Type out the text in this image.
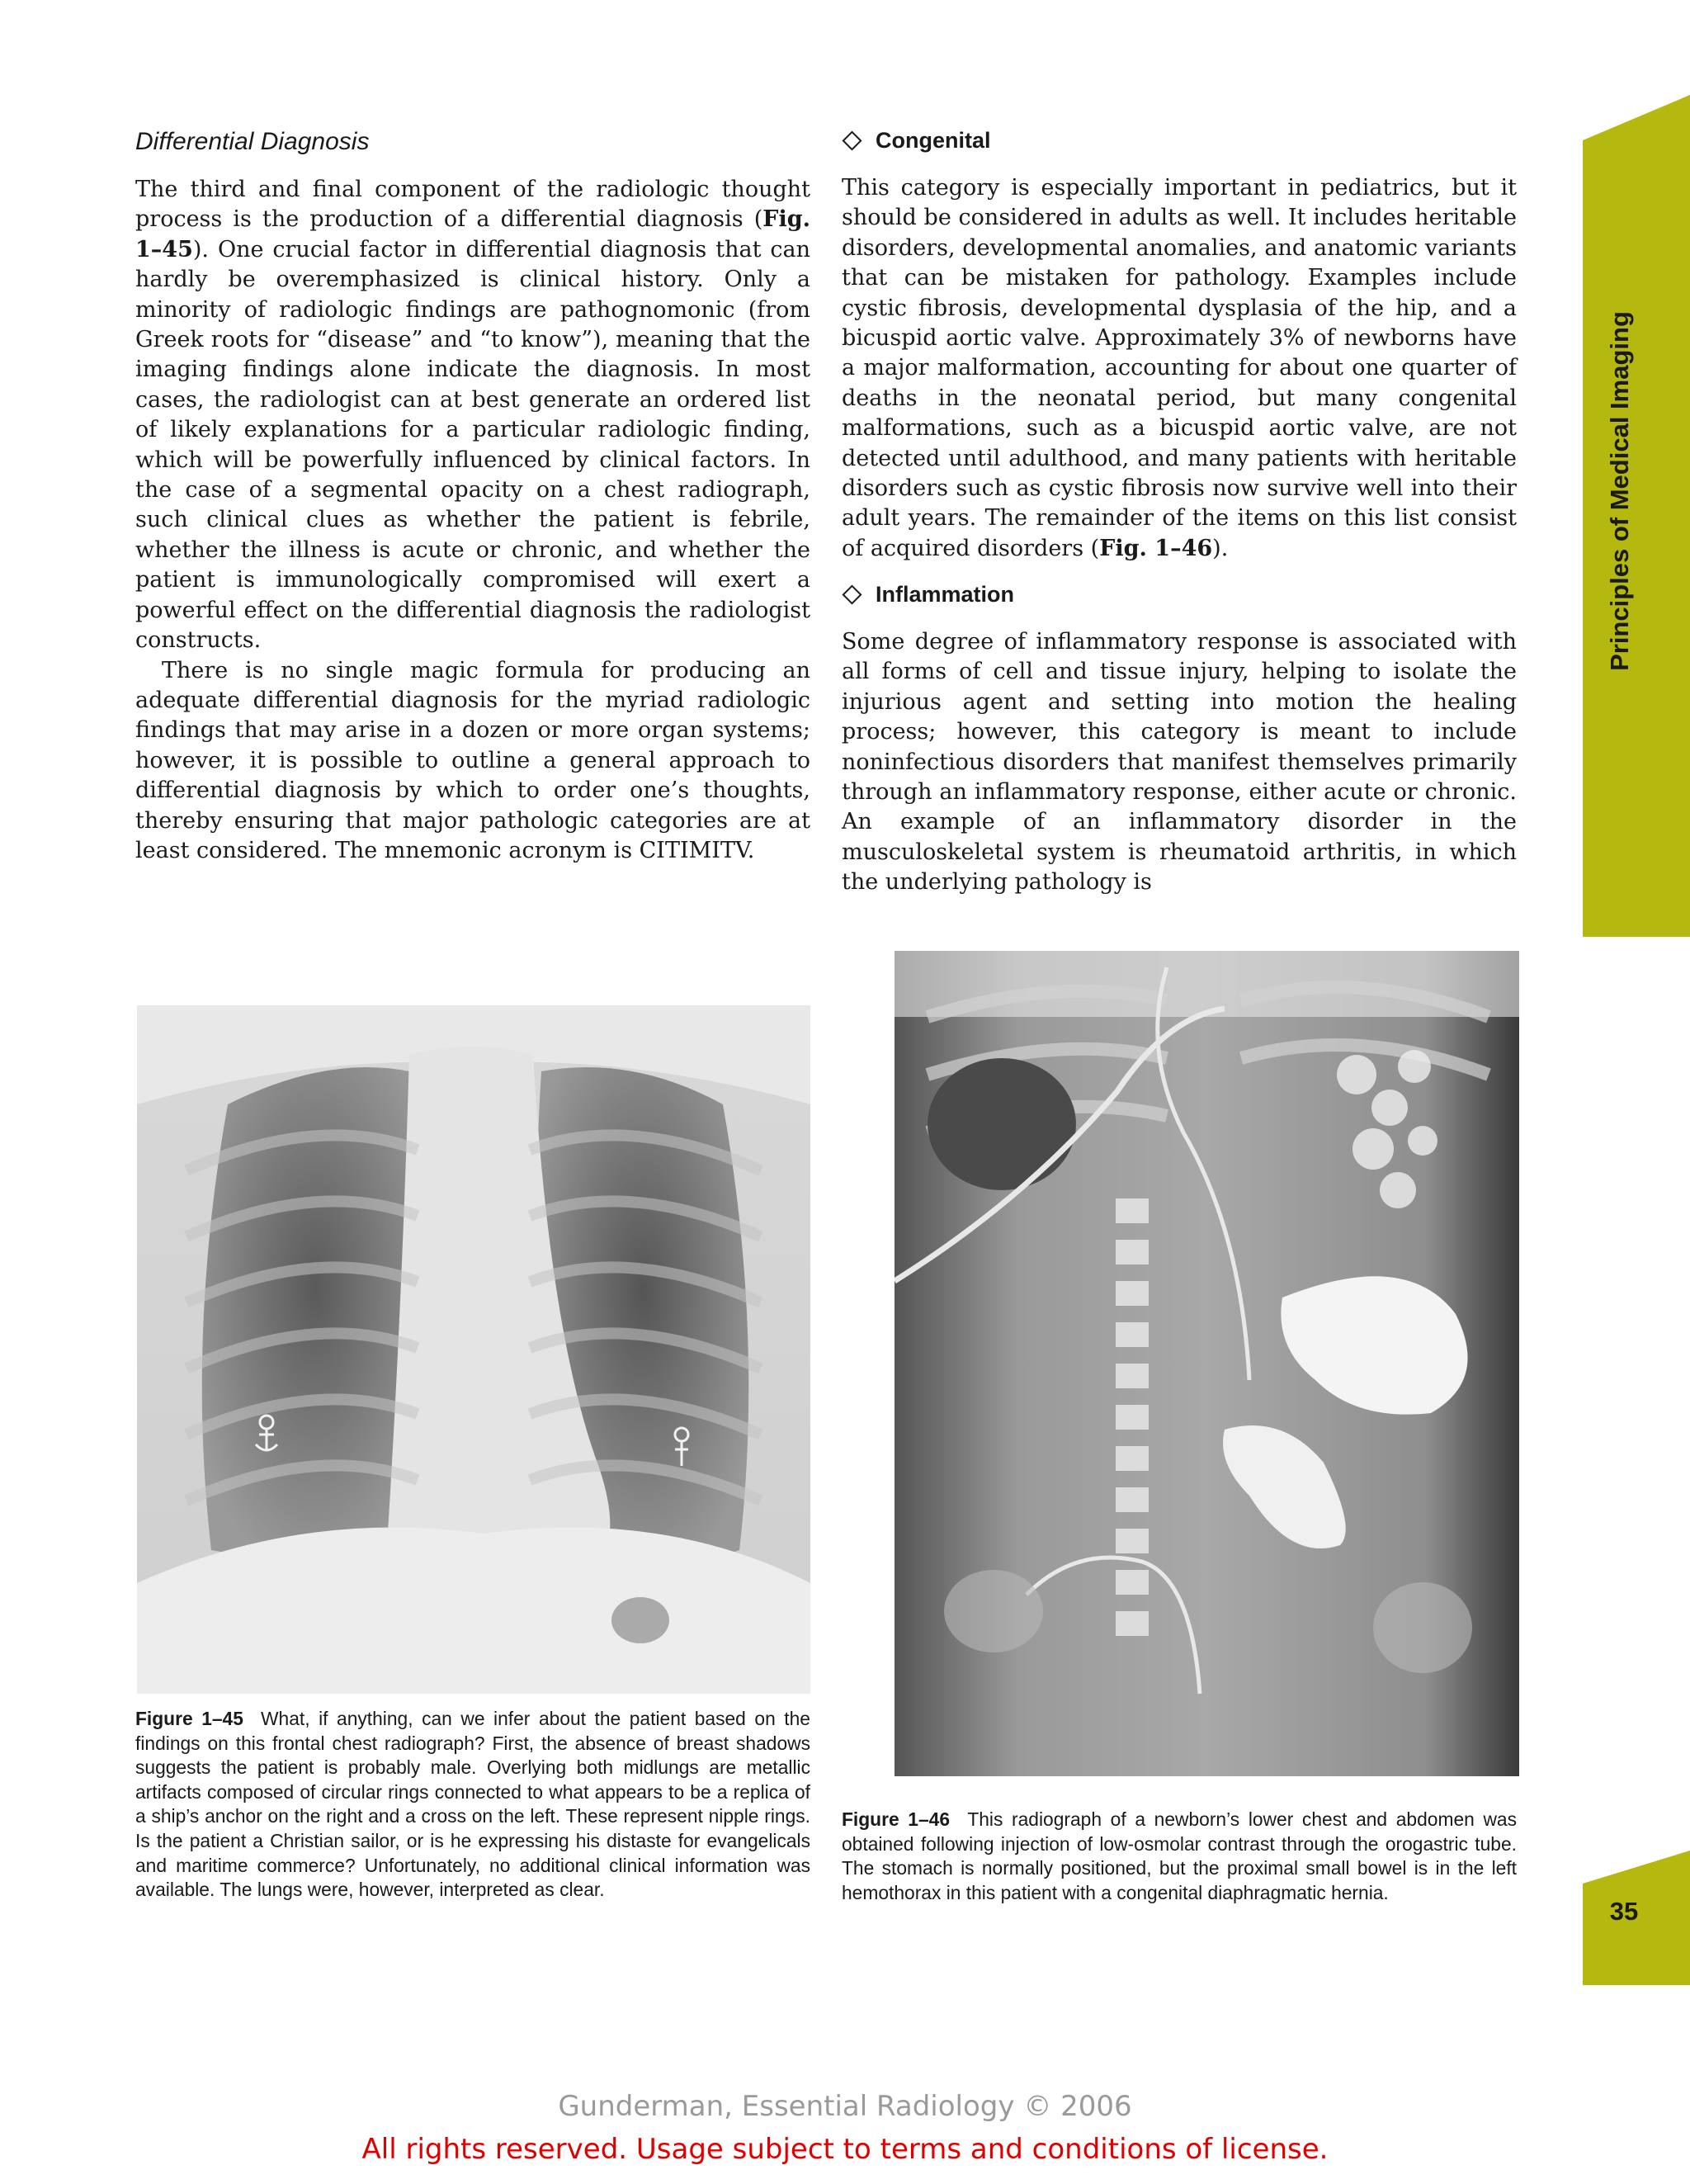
Differential Diagnosis

The third and final component of the radiologic thought process is the production of a differential diagnosis (Fig. 1–45). One crucial factor in differential diagnosis that can hardly be overemphasized is clinical history. Only a minority of radiologic findings are pathognomonic (from Greek roots for “disease” and “to know”), meaning that the imaging findings alone indicate the diagnosis. In most cases, the radiologist can at best generate an ordered list of likely explanations for a particular radiologic finding, which will be powerfully influenced by clinical factors. In the case of a segmental opacity on a chest radiograph, such clinical clues as whether the patient is febrile, whether the illness is acute or chronic, and whether the patient is immunologically compromised will exert a powerful effect on the differential diagnosis the radiologist constructs.

There is no single magic formula for producing an adequate differential diagnosis for the myriad radiologic findings that may arise in a dozen or more organ systems; however, it is possible to outline a general approach to differential diagnosis by which to order one’s thoughts, thereby ensuring that major pathologic categories are at least considered. The mnemonic acronym is CITIMITV.

Congenital

This category is especially important in pediatrics, but it should be considered in adults as well. It includes heritable disorders, developmental anomalies, and anatomic variants that can be mistaken for pathology. Examples include cystic fibrosis, developmental dysplasia of the hip, and a bicuspid aortic valve. Approximately 3% of newborns have a major malformation, accounting for about one quarter of deaths in the neonatal period, but many congenital malformations, such as a bicuspid aortic valve, are not detected until adulthood, and many patients with heritable disorders such as cystic fibrosis now survive well into their adult years. The remainder of the items on this list consist of acquired disorders (Fig. 1–46).

Inflammation

Some degree of inflammatory response is associated with all forms of cell and tissue injury, helping to isolate the injurious agent and setting into motion the healing process; however, this category is meant to include noninfectious disorders that manifest themselves primarily through an inflammatory response, either acute or chronic. An example of an inflammatory disorder in the musculoskeletal system is rheumatoid arthritis, in which the underlying pathology is

Principles of Medical Imaging
Figure 1–45 What, if anything, can we infer about the patient based on the findings on this frontal chest radiograph? First, the absence of breast shadows suggests the patient is probably male. Overlying both midlungs are metallic artifacts composed of circular rings connected to what appears to be a replica of a ship’s anchor on the right and a cross on the left. These represent nipple rings. Is the patient a Christian sailor, or is he expressing his distaste for evangelicals and maritime commerce? Unfortunately, no additional clinical information was available. The lungs were, however, interpreted as clear.
Figure 1–46 This radiograph of a newborn’s lower chest and abdomen was obtained following injection of low-osmolar contrast through the orogastric tube. The stomach is normally positioned, but the proximal small bowel is in the left hemothorax in this patient with a congenital diaphragmatic hernia.
35
Gunderman, Essential Radiology © 2006
All rights reserved. Usage subject to terms and conditions of license.
